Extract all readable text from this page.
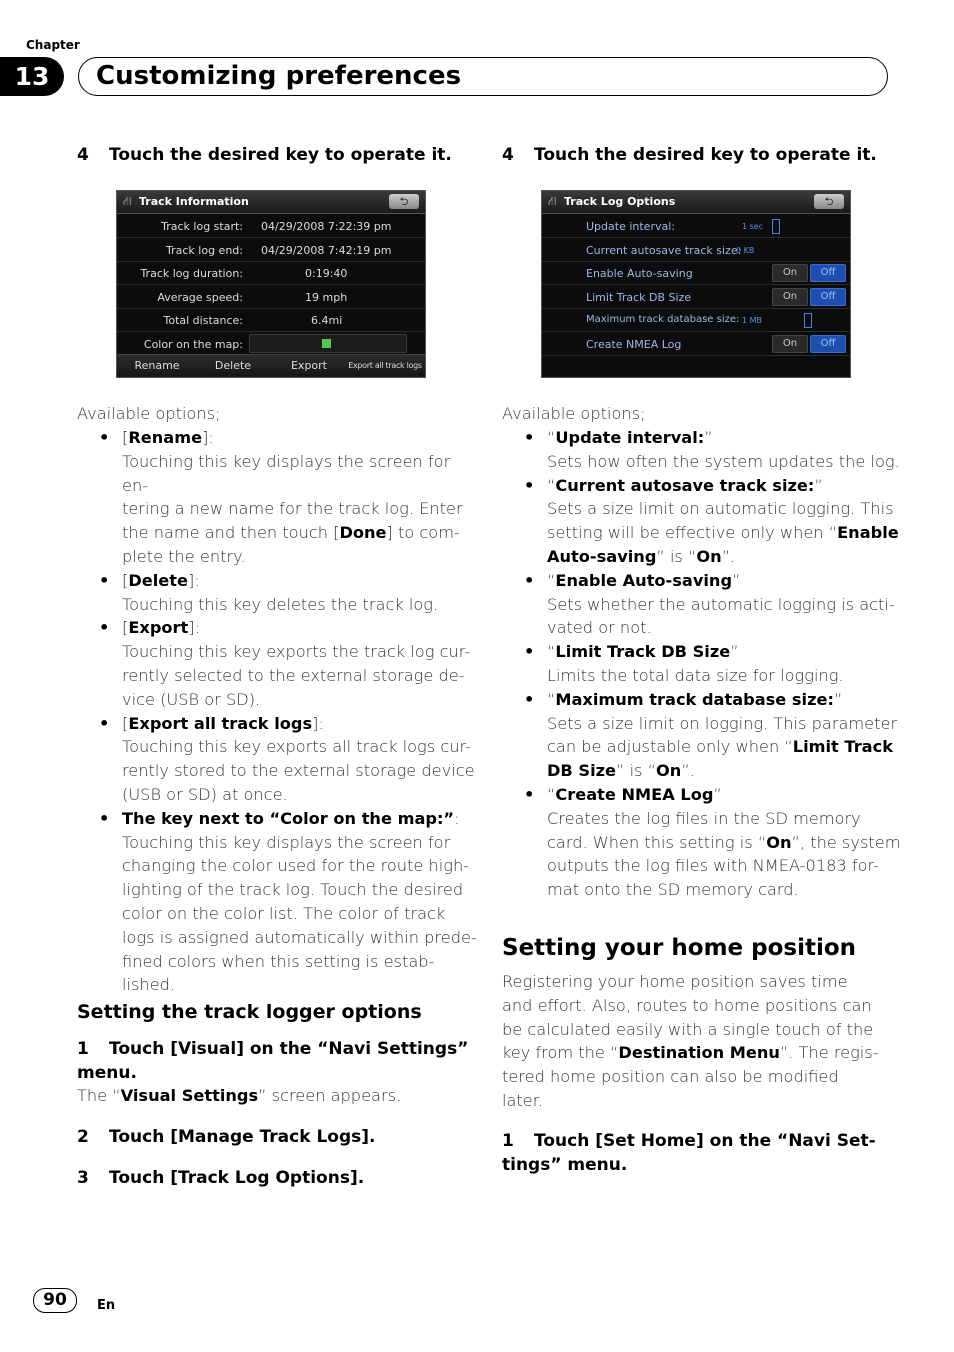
Chapter
13	Customizing preferences
4 Touch the desired key to operate it.
⛙ Track Information	⮌
Track log start: 04/29/2008 7:22:39 pm
Track log end: 04/29/2008 7:42:19 pm
Track log duration:	0:19:40
Average speed:	19 mph
Total distance:	6.4mi
Color on the map:
Rename	Delete	Export	Export all track logs
Available options;
• [Rename]:
Touching this key displays the screen for en-
tering a new name for the track log. Enter
the name and then touch [Done] to com-
plete the entry.
• [Delete]:
Touching this key deletes the track log.
• [Export]:
Touching this key exports the track log cur-
rently selected to the external storage de-
vice (USB or SD).
• [Export all track logs]:
Touching this key exports all track logs cur-
rently stored to the external storage device
(USB or SD) at once.
• The key next to “Color on the map:”:
Touching this key displays the screen for
changing the color used for the route high-
lighting of the track log. Touch the desired
color on the color list. The color of track
logs is assigned automatically within prede-
fined colors when this setting is estab-
lished.
Setting the track logger options
1 Touch [Visual] on the “Navi Settings”
menu.
The “Visual Settings” screen appears.
2 Touch [Manage Track Logs].
3 Touch [Track Log Options].
4 Touch the desired key to operate it.
⛙ Track Log Options	⮌
Update interval:	1 sec
Current autosave track size:
0 KB
Enable Auto-saving	On	Off
Limit Track DB Size	On	Off
Maximum track database size: 1 MB
Create NMEA Log	On	Off
Available options;
• “Update interval:”
Sets how often the system updates the log.
• “Current autosave track size:”
Sets a size limit on automatic logging. This
setting will be effective only when “Enable
Auto-saving” is “On”.
• “Enable Auto-saving”
Sets whether the automatic logging is acti-
vated or not.
• “Limit Track DB Size”
Limits the total data size for logging.
• “Maximum track database size:”
Sets a size limit on logging. This parameter
can be adjustable only when “Limit Track
DB Size” is “On”.
• “Create NMEA Log”
Creates the log files in the SD memory
card. When this setting is “On”, the system
outputs the log files with NMEA-0183 for-
mat onto the SD memory card.
Setting your home position
Registering your home position saves time
and effort. Also, routes to home positions can
be calculated easily with a single touch of the
key from the “Destination Menu”. The regis-
tered home position can also be modified
later.
1 Touch [Set Home] on the “Navi Set-
tings” menu.
90	En
